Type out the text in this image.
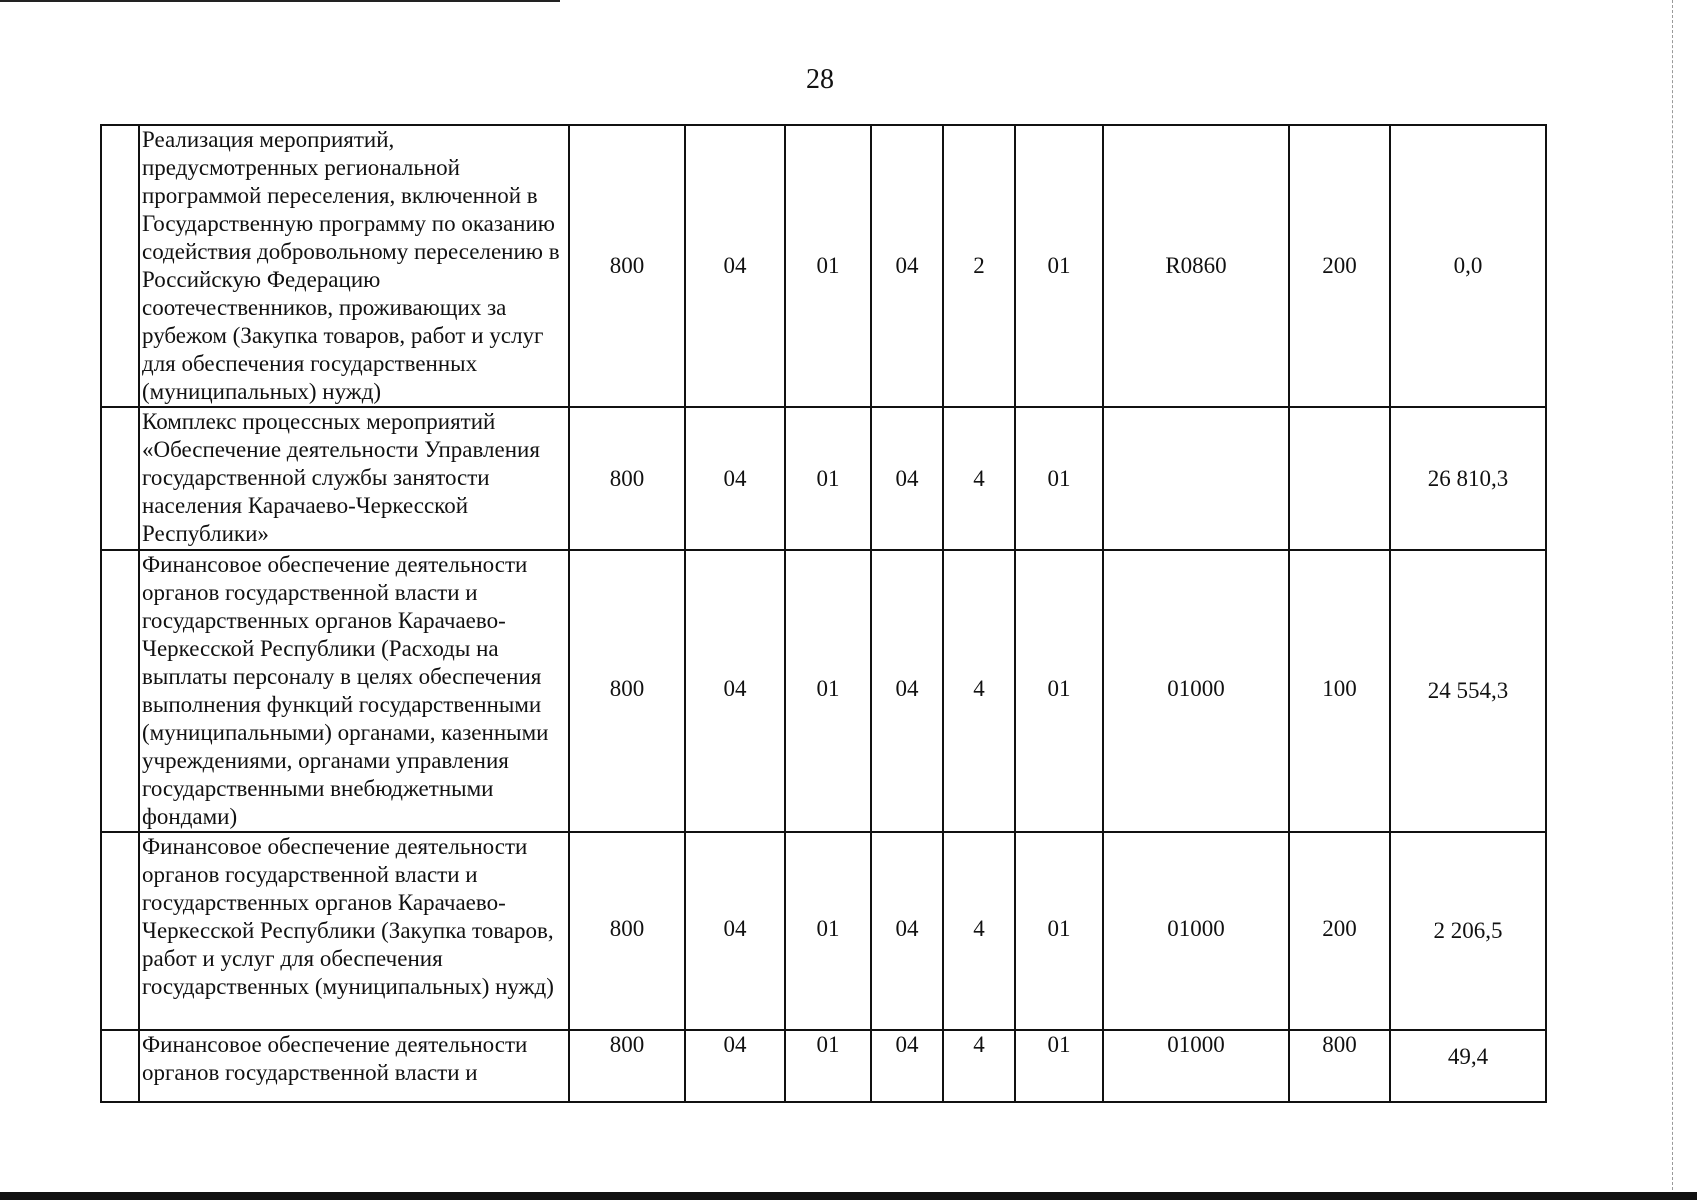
28

	Реализация мероприятий, предусмотренных региональной программой переселения, включенной в Государственную программу по оказанию содействия добровольному переселению в Российскую Федерацию соотечественников, проживающих за рубежом (Закупка товаров, работ и услуг для обеспечения государственных (муниципальных) нужд)	800	04	01	04	2	01	R0860	200	0,0

	Комплекс процессных мероприятий «Обеспечение деятельности Управления государственной службы занятости населения Карачаево-Черкесской Республики»	800	04	01	04	4	01			26 810,3

	Финансовое обеспечение деятельности органов государственной власти и государственных органов Карачаево-Черкесской Республики (Расходы на выплаты персоналу в целях обеспечения выполнения функций государственными (муниципальными) органами, казенными учреждениями, органами управления государственными внебюджетными фондами)	800	04	01	04	4	01	01000	100	24 554,3

	Финансовое обеспечение деятельности органов государственной власти и государственных органов Карачаево-Черкесской Республики (Закупка товаров, работ и услуг для обеспечения государственных (муниципальных) нужд)	800	04	01	04	4	01	01000	200	2 206,5

	Финансовое обеспечение деятельности органов государственной власти и	800	04	01	04	4	01	01000	800	49,4
